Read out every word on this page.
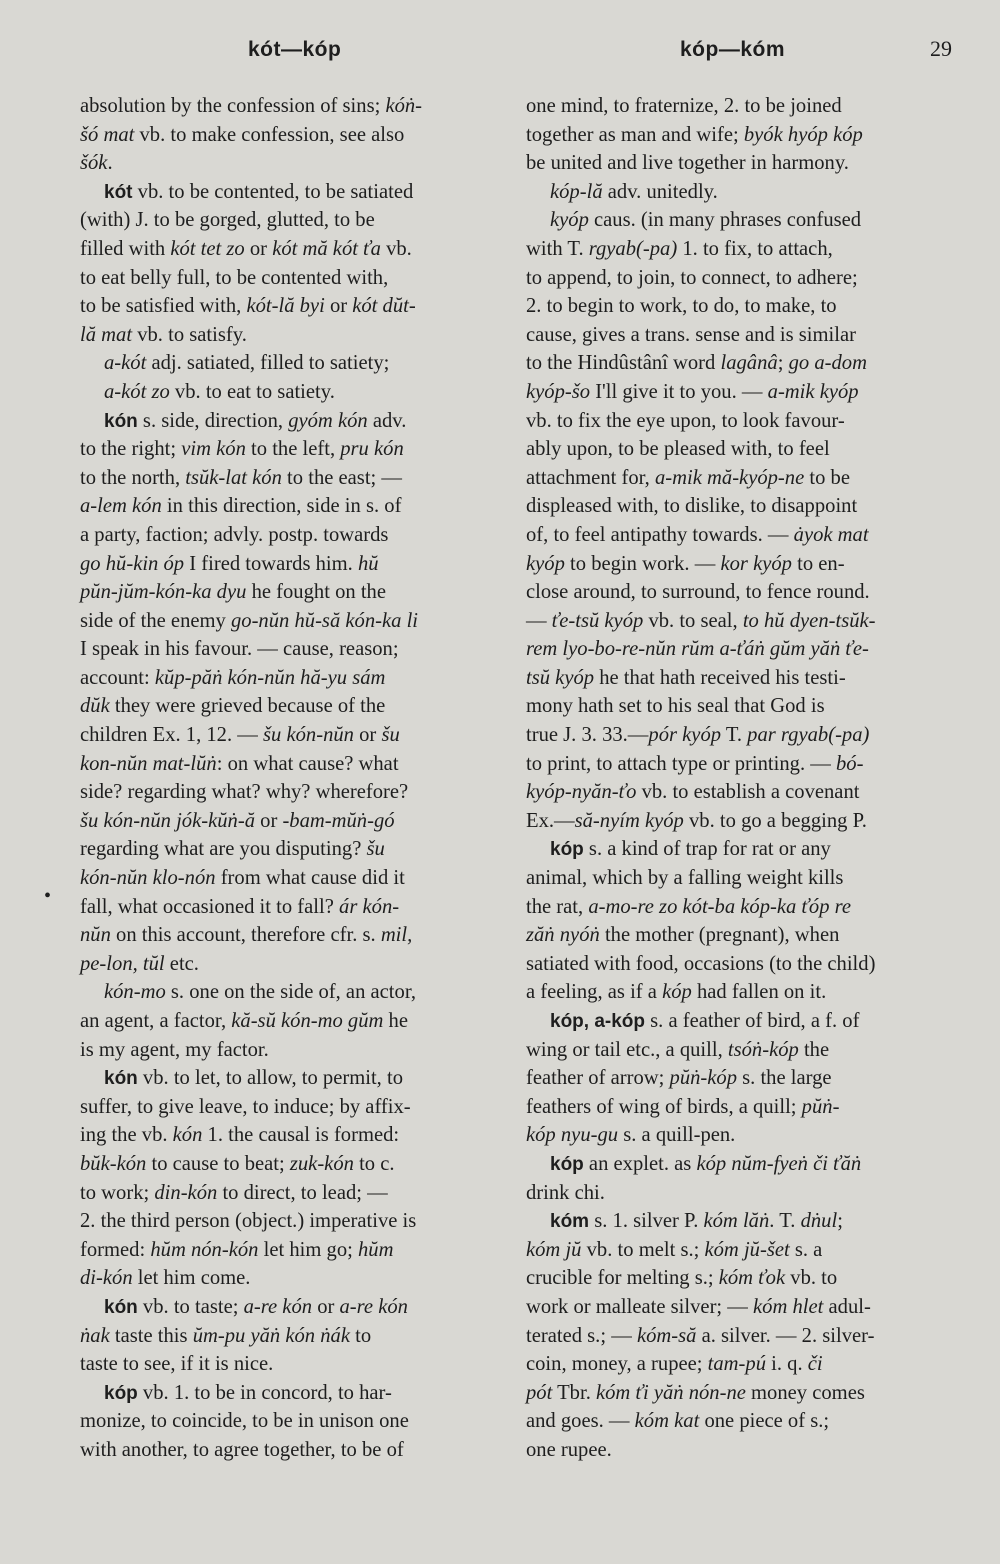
kót—kóp	kóp—kóm	29
absolution by the confession of sins; kóṅ-
šó mat vb. to make confession, see also
šók.
kót vb. to be contented, to be satiated
(with) J. to be gorged, glutted, to be
filled with kót tet zo or kót mă kót ťa vb.
to eat belly full, to be contented with,
to be satisfied with, kót-lă byi or kót dŭt-
lă mat vb. to satisfy.
a-kót adj. satiated, filled to satiety;
a-kót zo vb. to eat to satiety.
kón s. side, direction, gyóm kón adv.
to the right; vim kón to the left, pru kón
to the north, tsŭk-lat kón to the east; —
a-lem kón in this direction, side in s. of
a party, faction; advly. postp. towards
go hŭ-kin óp I fired towards him. hŭ
pŭn-jŭm-kón-ka dyu he fought on the
side of the enemy go-nŭn hŭ-să kón-ka li
I speak in his favour. — cause, reason;
account: kŭp-păṅ kón-nŭn hă-yu sám
dŭk they were grieved because of the
children Ex. 1, 12. — šu kón-nŭn or šu
kon-nŭn mat-lŭṅ: on what cause? what
side? regarding what? why? wherefore?
šu kón-nŭn jók-kŭṅ-ă or -bam-mŭṅ-gó
regarding what are you disputing? šu
kón-nŭn klo-nón from what cause did it
fall, what occasioned it to fall? ár kón-
nŭn on this account, therefore cfr. s. mil,
pe-lon, tŭl etc.
kón-mo s. one on the side of, an actor,
an agent, a factor, kă-sŭ kón-mo gŭm he
is my agent, my factor.
kón vb. to let, to allow, to permit, to
suffer, to give leave, to induce; by affix-
ing the vb. kón 1. the causal is formed:
bŭk-kón to cause to beat; zuk-kón to c.
to work; din-kón to direct, to lead; —
2. the third person (object.) imperative is
formed: hŭm nón-kón let him go; hŭm
di-kón let him come.
kón vb. to taste; a-re kón or a-re kón
ṅak taste this ŭm-pu yăṅ kón ṅák to
taste to see, if it is nice.
kóp vb. 1. to be in concord, to har-
monize, to coincide, to be in unison one
with another, to agree together, to be of
one mind, to fraternize, 2. to be joined
together as man and wife; byók hyóp kóp
be united and live together in harmony.
kóp-lă adv. unitedly.
kyóp caus. (in many phrases confused
with T. rgyab(-pa) 1. to fix, to attach,
to append, to join, to connect, to adhere;
2. to begin to work, to do, to make, to
cause, gives a trans. sense and is similar
to the Hindûstânî word lagânâ; go a-dom
kyóp-šo I'll give it to you. — a-mik kyóp
vb. to fix the eye upon, to look favour-
ably upon, to be pleased with, to feel
attachment for, a-mik mă-kyóp-ne to be
displeased with, to dislike, to disappoint
of, to feel antipathy towards. — ȧyok mat
kyóp to begin work. — kor kyóp to en-
close around, to surround, to fence round.
— ťe-tsŭ kyóp vb. to seal, to hŭ dyen-tsŭk-
rem lyo-bo-re-nŭn rŭm a-ťáṅ gŭm yăṅ ťe-
tsŭ kyóp he that hath received his testi-
mony hath set to his seal that God is
true J. 3. 33.—pór kyóp T. par rgyab(-pa)
to print, to attach type or printing. — bó-
kyóp-nyăn-ťo vb. to establish a covenant
Ex.—să-nyím kyóp vb. to go a begging P.
kóp s. a kind of trap for rat or any
animal, which by a falling weight kills
the rat, a-mo-re zo kót-ba kóp-ka ťóp re
zăṅ nyóṅ the mother (pregnant), when
satiated with food, occasions (to the child)
a feeling, as if a kóp had fallen on it.
kóp, a-kóp s. a feather of bird, a f. of
wing or tail etc., a quill, tsóṅ-kóp the
feather of arrow; pŭṅ-kóp s. the large
feathers of wing of birds, a quill; pŭṅ-
kóp nyu-gu s. a quill-pen.
kóp an explet. as kóp nŭm-fyeṅ či ťăṅ
drink chi.
kóm s. 1. silver P. kóm lăṅ. T. dṅul;
kóm jŭ vb. to melt s.; kóm jŭ-šet s. a
crucible for melting s.; kóm ťok vb. to
work or malleate silver; — kóm hlet adul-
terated s.; — kóm-să a. silver. — 2. silver-
coin, money, a rupee; tam-pú i. q. či
pót Tbr. kóm ťi yăṅ nón-ne money comes
and goes. — kóm kat one piece of s.;
one rupee.
•
